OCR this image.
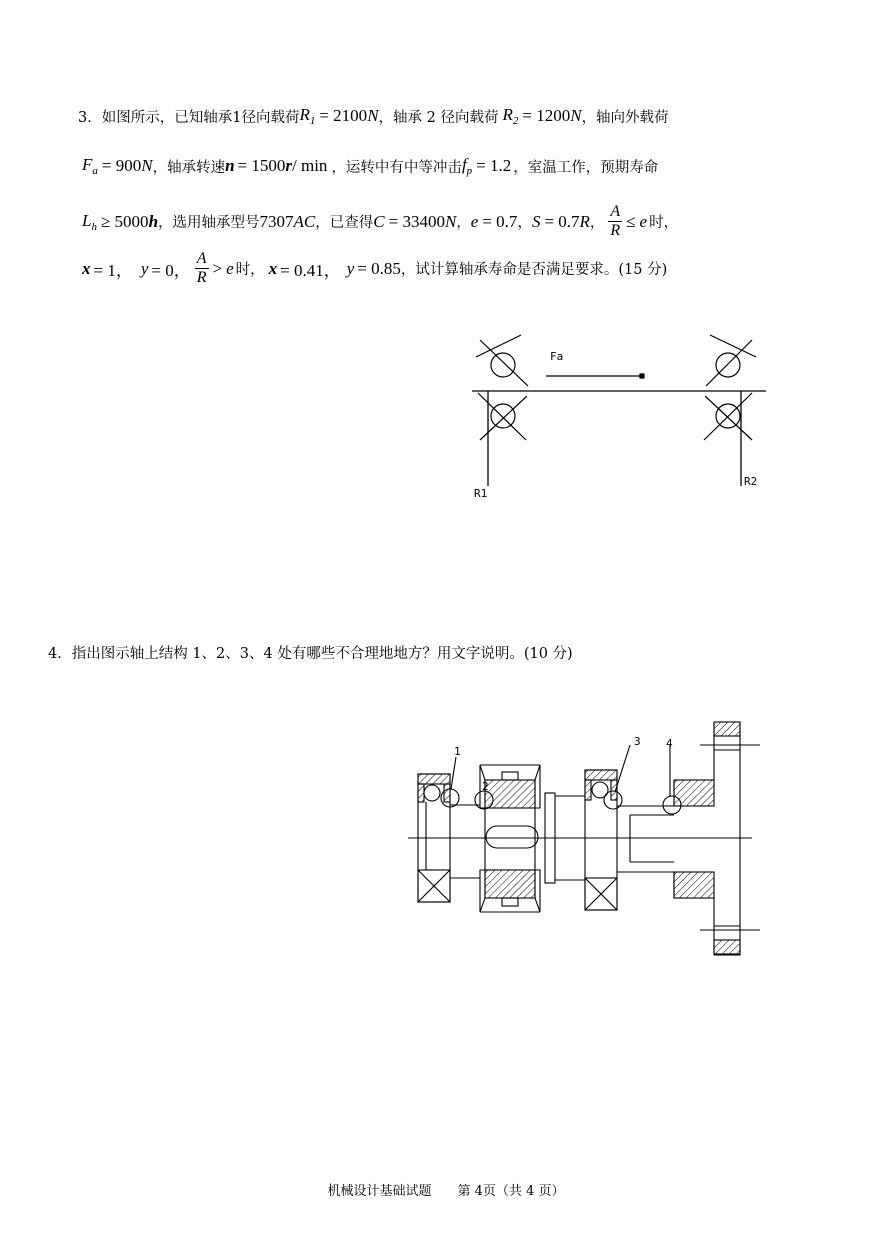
3．如图所示，已知轴承1径向载荷 $R_1 = 2100$ N ，轴承 2 径向载荷 $R_2 = 1200$ N ，轴向外载荷
$F_a = 900$ N ，轴承转速 n = 1500 r / min ，运转中有中等冲击 $f_p = 1.2$ ，室温工作，预期寿命
$L_h \ge 5000$ h ，选用轴承型号 7307 AC ，已查得 C = 33400 N ， e = 0.7 ， S = 0.7 R ， $\frac{A}{R} \le e$ 时，
x = 1， y = 0， $\frac{A}{R} > e$ 时， x = 0.41， y = 0.85 ，试计算轴承寿命是否满足要求。(15 分)
Fa
R1
R2
4．指出图示轴上结构 1、2、3、4 处有哪些不合理地地方？用文字说明。(10 分)
1
2
3 4
机械设计基础试题　　第 4页（共 4 页）
